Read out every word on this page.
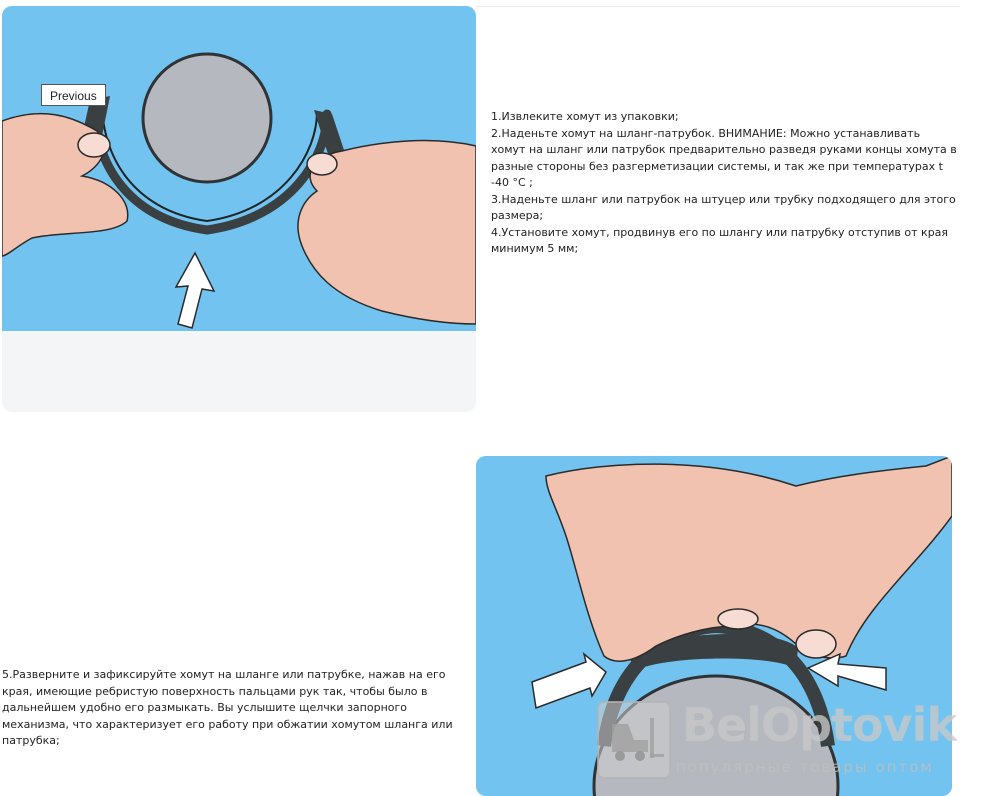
Previous

1.Извлеките хомут из упаковки;

2.Наденьте хомут на шланг-патрубок. ВНИМАНИЕ: Можно устанавливать хомут на шланг или патрубок предварительно разведя руками концы хомута в разные стороны без разгерметизации системы, и так же при температурах t -40 °C ;

3.Наденьте шланг или патрубок на штуцер или трубку подходящего для этого размера;

4.Установите хомут, продвинув его по шлангу или патрубку отступив от края минимум 5 мм;

5.Разверните и зафиксируйте хомут на шланге или патрубке, нажав на его края, имеющие ребристую поверхность пальцами рук так, чтобы было в дальнейшем удобно его размыкать. Вы услышите щелчки запорного механизма, что характеризует его работу при обжатии хомутом шланга или патрубка;	BelOptovik
популярные товары оптом
